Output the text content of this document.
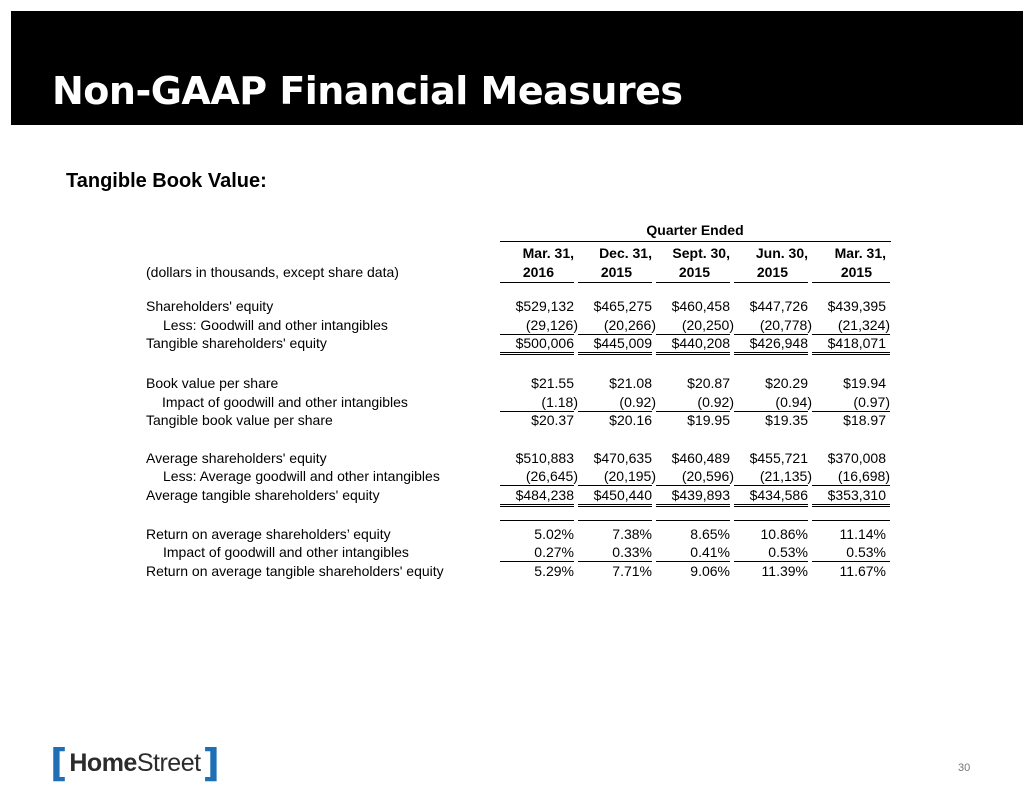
Non-GAAP Financial Measures
Tangible Book Value:
Quarter Ended
Mar. 31,	Dec. 31,	Sept. 30,	Jun. 30,	Mar. 31,
(dollars in thousands, except share data)	2016	2015	2015	2015	2015
Shareholders' equity	$529,132	$465,275	$460,458	$447,726	$439,395
Less: Goodwill and other intangibles	(29,126)	(20,266)	(20,250)	(20,778)	(21,324)
Tangible shareholders' equity	$500,006	$445,009	$440,208	$426,948	$418,071
Book value per share	$21.55	$21.08	$20.87	$20.29	$19.94
Impact of goodwill and other intangibles	(1.18)	(0.92)	(0.92)	(0.94)	(0.97)
Tangible book value per share	$20.37	$20.16	$19.95	$19.35	$18.97
Average shareholders' equity	$510,883	$470,635	$460,489	$455,721	$370,008
Less: Average goodwill and other intangibles	(26,645)	(20,195)	(20,596)	(21,135)	(16,698)
Average tangible shareholders' equity	$484,238	$450,440	$439,893	$434,586	$353,310
Return on average shareholders’ equity	5.02%	7.38%	8.65%	10.86%	11.14%
Impact of goodwill and other intangibles	0.27%	0.33%	0.41%	0.53%	0.53%
Return on average tangible shareholders' equity	5.29%	7.71%	9.06%	11.39%	11.67%
[ HomeStreet ]	30
